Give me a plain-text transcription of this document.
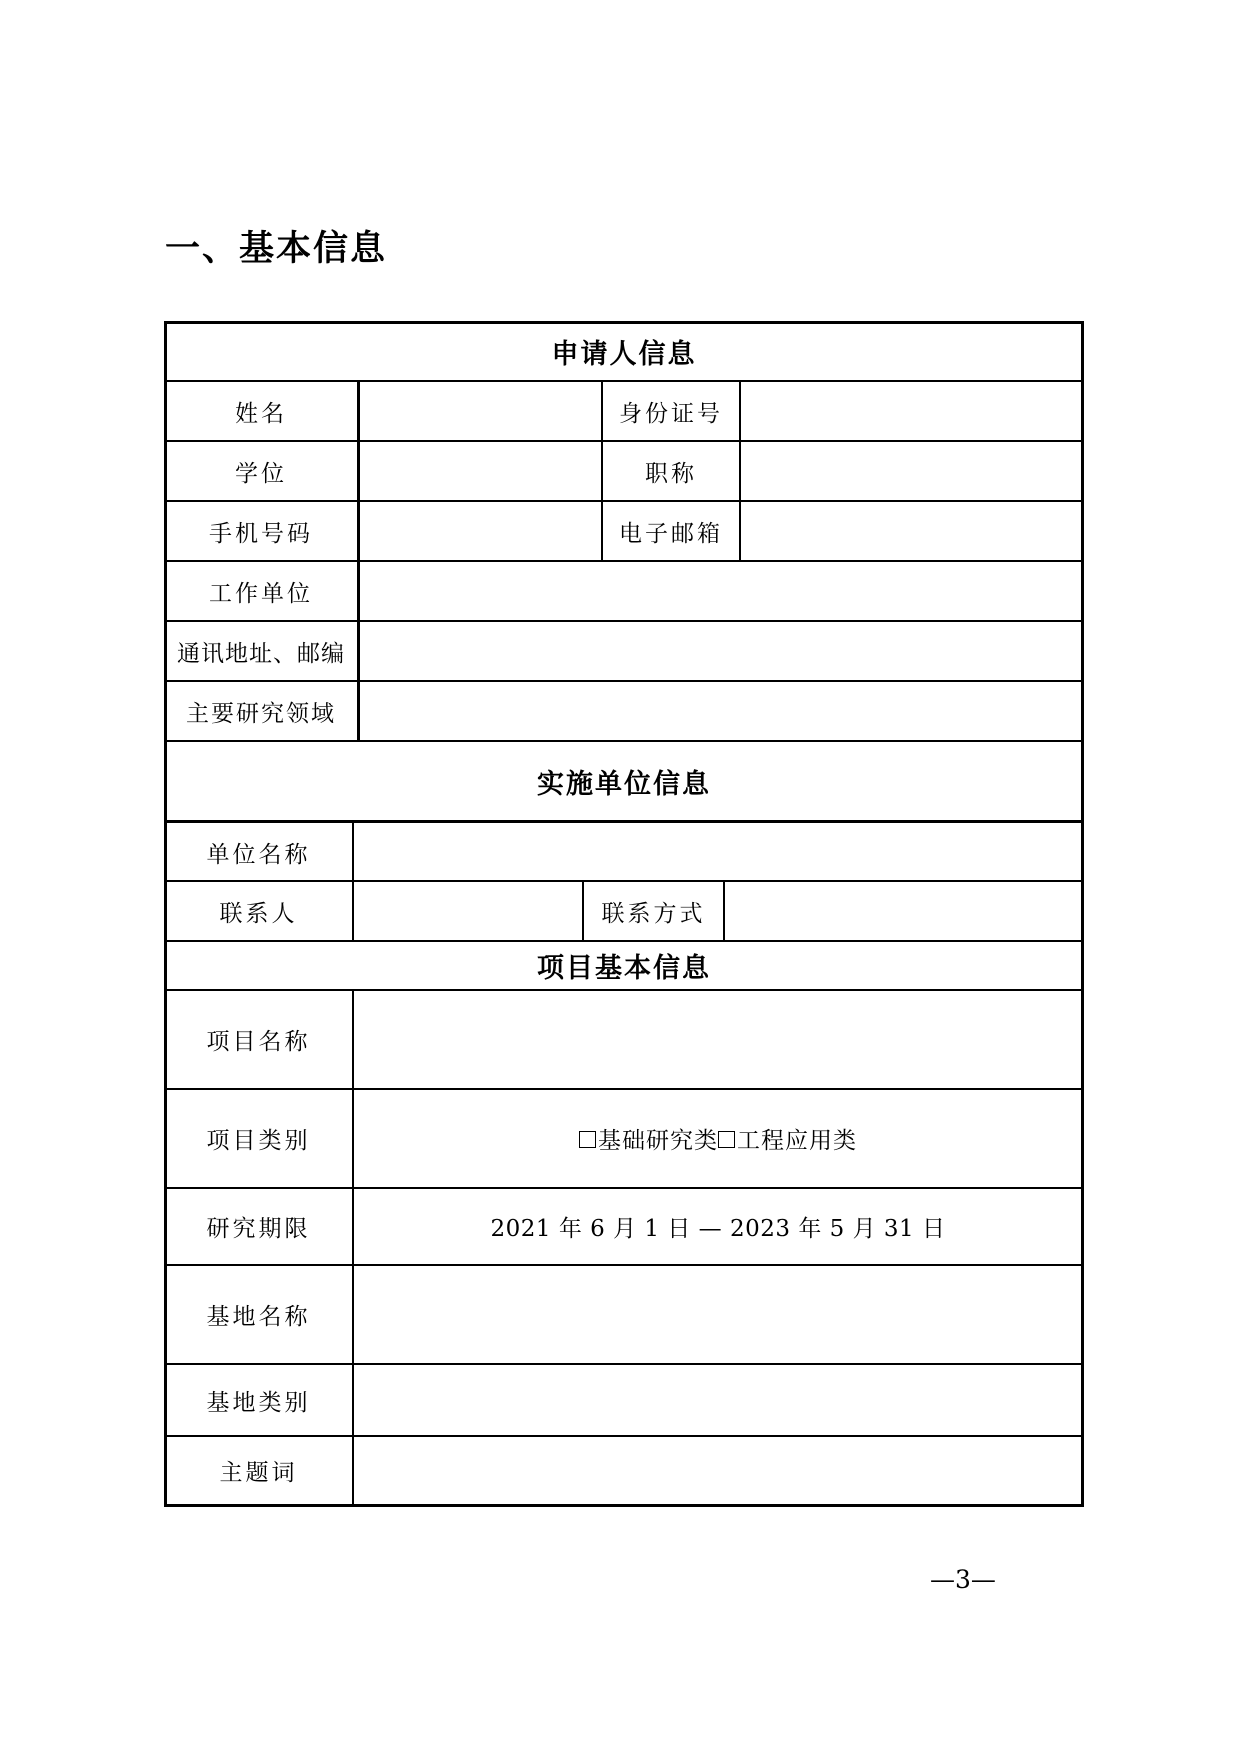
一、基本信息
申请人信息
姓名	身份证号
学位	职称
手机号码	电子邮箱
工作单位
通讯地址、邮编
主要研究领域
实施单位信息
单位名称
联系人	联系方式
项目基本信息
项目名称
项目类别	基础研究类 工程应用类
研究期限	2021 年 6 月 1 日 — 2023 年 5 月 31 日
基地名称
基地类别
主题词
—3—
